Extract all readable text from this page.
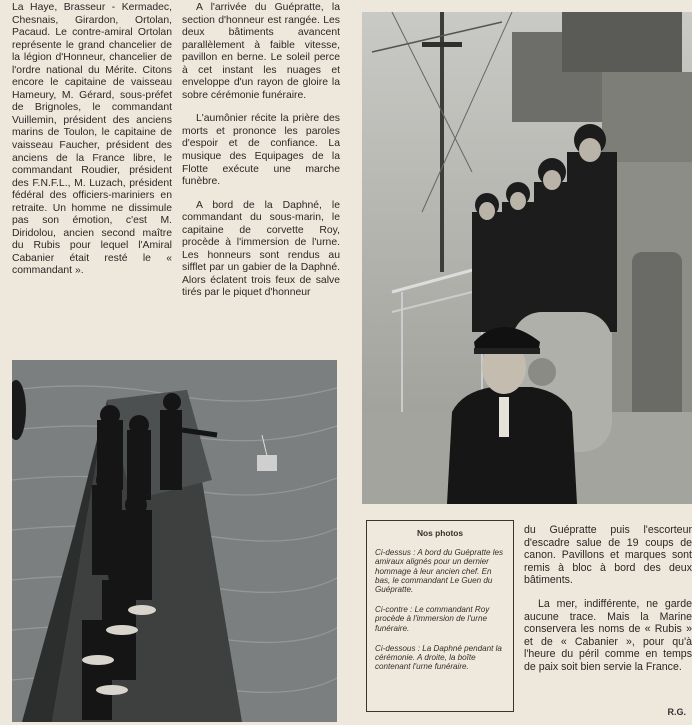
La Haye, Brasseur - Kermadec, Chesnais, Girardon, Ortolan, Pacaud. Le contre-amiral Ortolan représente le grand chancelier de la légion d'Honneur, chancelier de l'ordre national du Mérite. Citons encore le capitaine de vaisseau Hameury, M. Gérard, sous-préfet de Brignoles, le commandant Vuillemin, président des anciens marins de Toulon, le capitaine de vaisseau Faucher, président des anciens de la France libre, le commandant Roudier, président des F.N.F.L., M. Luzach, président fédéral des officiers-mariniers en retraite. Un homme ne dissimule pas son émotion, c'est M. Diridolou, ancien second maître du Rubis pour lequel l'Amiral Cabanier était resté le « commandant ».

A l'arrivée du Guépratte, la section d'honneur est rangée. Les deux bâtiments avancent parallèlement à faible vitesse, pavillon en berne. Le soleil perce à cet instant les nuages et enveloppe d'un rayon de gloire la sobre cérémonie funéraire.

L'aumônier récite la prière des morts et prononce les paroles d'espoir et de confiance. La musique des Equipages de la Flotte exécute une marche funèbre.

A bord de la Daphné, le commandant du sous-marin, le capitaine de corvette Roy, procède à l'immersion de l'urne. Les honneurs sont rendus au sifflet par un gabier de la Daphné. Alors éclatent trois feux de salve tirés par le piquet d'honneur

Nos photos

Ci-dessus : A bord du Guépratte les amiraux alignés pour un dernier hommage à leur ancien chef. En bas, le commandant Le Guen du Guépratte.

Ci-contre : Le commandant Roy procède à l'immersion de l'urne funéraire.

Ci-dessous : La Daphné pendant la cérémonie. A droite, la boîte contenant l'urne funéraire.

du Guépratte puis l'escorteur d'escadre salue de 19 coups de canon. Pavillons et marques sont remis à bloc à bord des deux bâtiments.

La mer, indifférente, ne garde aucune trace. Mais la Marine conservera les noms de « Rubis » et de « Cabanier », pour qu'à l'heure du péril comme en temps de paix soit bien servie la France.

R.G.
